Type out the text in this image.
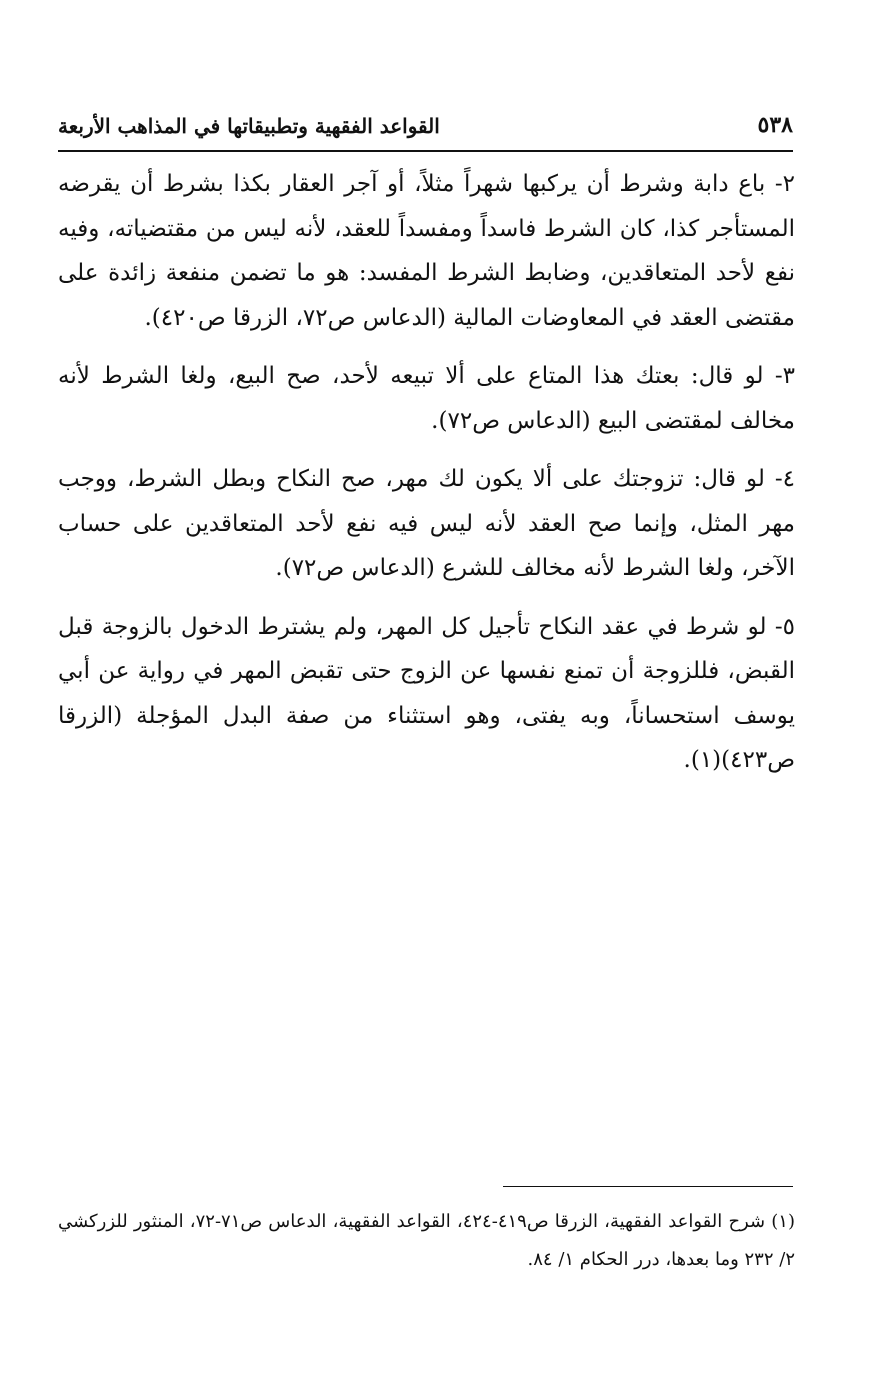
٥٣٨
القواعد الفقهية وتطبيقاتها في المذاهب الأربعة

٢- باع دابة وشرط أن يركبها شهراً مثلاً، أو آجر العقار بكذا بشرط أن يقرضه المستأجر كذا، كان الشرط فاسداً ومفسداً للعقد، لأنه ليس من مقتضياته، وفيه نفع لأحد المتعاقدين، وضابط الشرط المفسد: هو ما تضمن منفعة زائدة على مقتضى العقد في المعاوضات المالية (الدعاس ص٧٢، الزرقا ص٤٢٠).

٣- لو قال: بعتك هذا المتاع على ألا تبيعه لأحد، صح البيع، ولغا الشرط لأنه مخالف لمقتضى البيع (الدعاس ص٧٢).

٤- لو قال: تزوجتك على ألا يكون لك مهر، صح النكاح وبطل الشرط، ووجب مهر المثل، وإنما صح العقد لأنه ليس فيه نفع لأحد المتعاقدين على حساب الآخر، ولغا الشرط لأنه مخالف للشرع (الدعاس ص٧٢).

٥- لو شرط في عقد النكاح تأجيل كل المهر، ولم يشترط الدخول بالزوجة قبل القبض، فللزوجة أن تمنع نفسها عن الزوج حتى تقبض المهر في رواية عن أبي يوسف استحساناً، وبه يفتى، وهو استثناء من صفة البدل المؤجلة (الزرقا ص٤٢٣)(١).

(١) شرح القواعد الفقهية، الزرقا ص٤١٩-٤٢٤، القواعد الفقهية، الدعاس ص٧١-٧٢، المنثور للزركشي ٢/ ٢٣٢ وما بعدها، درر الحكام ١/ ٨٤.
